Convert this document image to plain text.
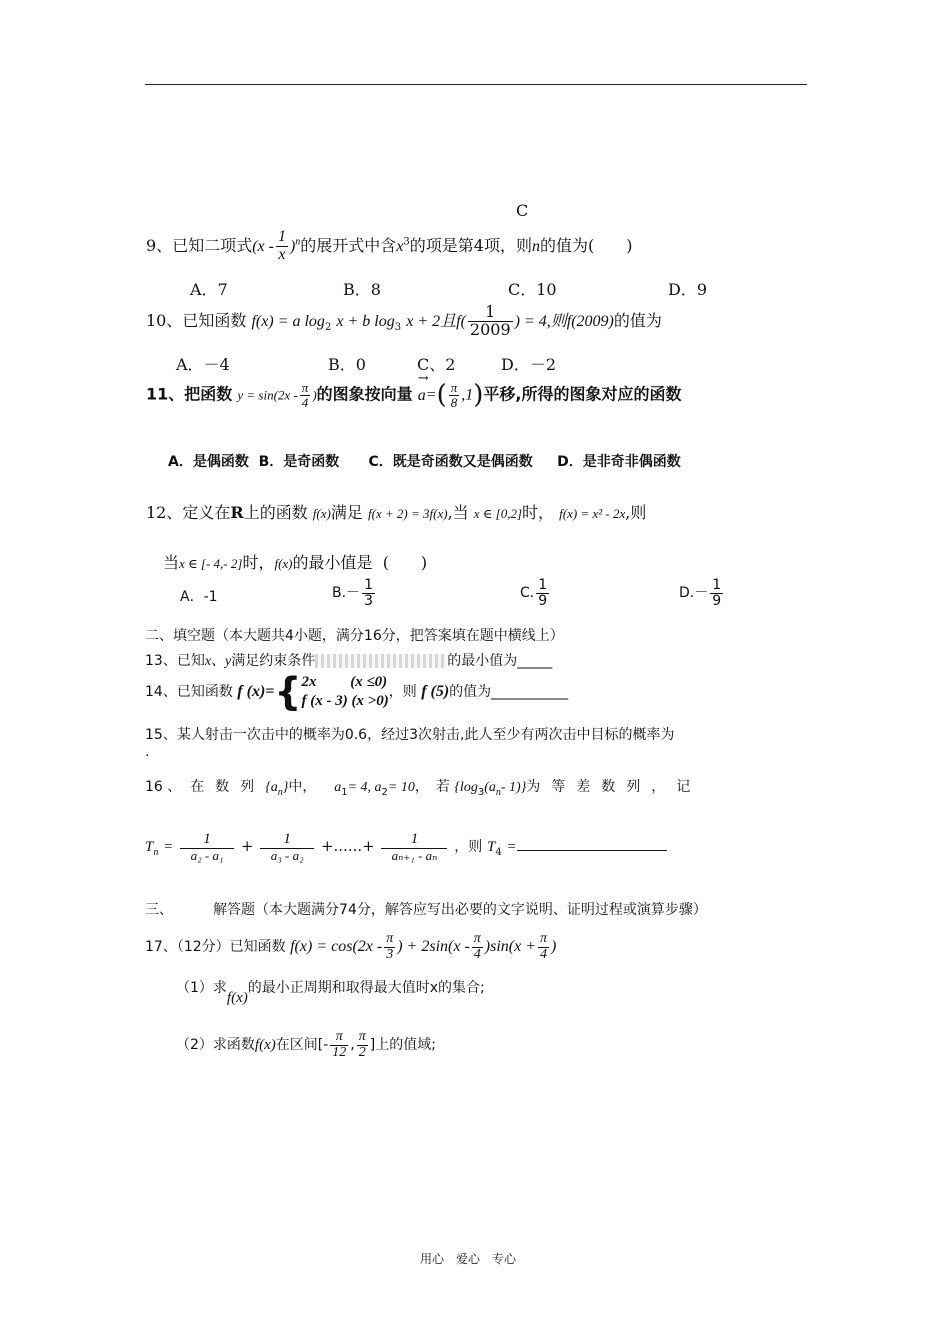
C
9、已知二项式$(x - \frac{1}{x} )^n$的展开式中含$x^3$的项是第4项，则n的值为(　　)
A．7	B．8	C．10	D．9
10、已知函数 f(x) = a $\log_2 x + b$ $\log_3 x + 2$且$f( \frac{1}{2009}$ ) = 4,则f(2009)的值为
A．－4	B．0	C、2	D．－2
11、把函数 $y = \sin(2x - \frac{\pi}{4}$ )的图象按向量
→
$a=( \frac{\pi}{8} ,1)$平移,所得的图象对应的函数
A．是偶函数 B．是奇函数 C．既是奇函数又是偶函数 D．是非奇非偶函数
12、定义在R上的函数 f(x)满足 f(x + 2) = 3f(x),当 x ∈ [0,2]时， f(x) = x² - 2x,则
当x ∈ [- 4,- 2]时，f(x)的最小值是 (　　)
A．-1	$B.- \frac{1}{3}$	C. $\frac{1}{9}$	$D.- \frac{1}{9}$
二、填空题（本大题共4小题，满分16分，把答案填在题中横线上）
13、已知x、y满足约束条件	的最小值为_____
14、已知函数 f (x)={ 2x (x ≤0)
f (x - 3) (x >0)
，则 f (5)的值为___________
15、某人射击一次击中的概率为0.6，经过3次射击,此人至少有两次击中目标的概率为
.
16 、 在数列$\{a_n\}$中， $a_1= 4$, $a_2= 10$，　若 {$\log_3(a_n-$ 1)}为等差数列，记
$T_n = \frac{1}{\text{a₂ - a₁}} + \frac{1}{\text{a₃ - a₂}}$ +......+ $\frac{1}{\text{aₙ₊₁ - aₙ}}$ ，则 $T_4$ =
三、	解答题（本大题满分74分，解答应写出必要的文字说明、证明过程或演算步骤）
17、（12分）已知函数 $f(x) = \cos(2x - \frac{\pi}{3}$ ) + $2\sin(x - \frac{\pi}{4} )\sin(x + \frac{\pi}{4}$ )
（1）求f(x)的最小正周期和取得最大值时x的集合;
（2）求函数f(x)在区间[- $\frac{\pi}{12}$ , $\frac{\pi}{2}$ ]上的值域;
用心　爱心　专心
